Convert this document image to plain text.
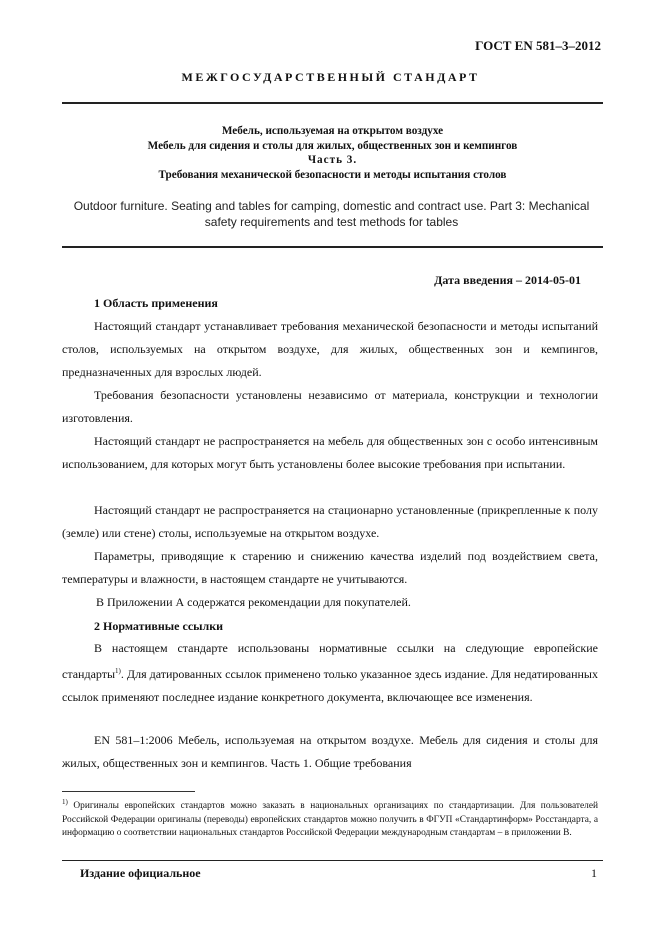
ГОСТ EN 581–3–2012
МЕЖГОСУДАРСТВЕННЫЙ СТАНДАРТ
Мебель, используемая на открытом воздухе
Мебель для сидения и столы для жилых, общественных зон и кемпингов
Часть 3.
Требования механической безопасности и методы испытания столов
Outdoor furniture. Seating and tables for camping, domestic and contract use. Part 3: Mechanical safety requirements and test methods for tables
Дата введения – 2014-05-01
1 Область применения
Настоящий стандарт устанавливает требования механической безопасности и методы испытаний столов, используемых на открытом воздухе, для жилых, общественных зон и кемпингов, предназначенных для взрослых людей.
Требования безопасности установлены независимо от материала, конструкции и технологии изготовления.
Настоящий стандарт не распространяется на мебель для общественных зон с особо интенсивным использованием, для которых могут быть установлены более высокие требования при испытании.
Настоящий стандарт не распространяется на стационарно установленные (прикрепленные к полу (земле) или стене) столы, используемые на открытом воздухе.
Параметры, приводящие к старению и снижению качества изделий под воздействием света, температуры и влажности, в настоящем стандарте не учитываются.
В Приложении А содержатся рекомендации для покупателей.
2 Нормативные ссылки
В настоящем стандарте использованы нормативные ссылки на следующие европейские стандарты$^{1)}$. Для датированных ссылок применено только указанное здесь издание. Для недатированных ссылок применяют последнее издание конкретного документа, включающее все изменения.
EN 581–1:2006 Мебель, используемая на открытом воздухе. Мебель для сидения и столы для жилых, общественных зон и кемпингов. Часть 1. Общие требования
$^{1)}$ Оригиналы европейских стандартов можно заказать в национальных организациях по стандартизации. Для пользователей Российской Федерации оригиналы (переводы) европейских стандартов можно получить в ФГУП «Стандартинформ» Росстандарта, а информацию о соответствии национальных стандартов Российской Федерации международным стандартам – в приложении В.
Издание официальное	1
